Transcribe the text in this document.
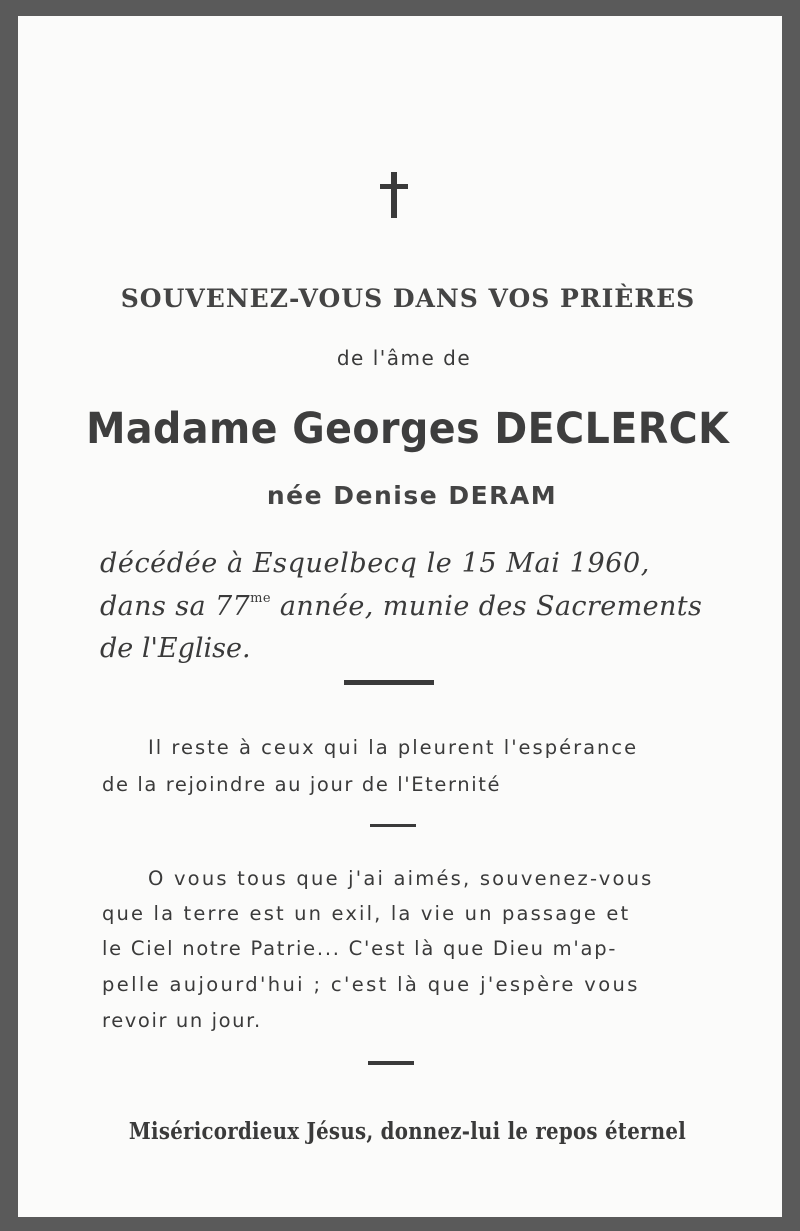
SOUVENEZ-VOUS DANS VOS PRIÈRES
de l'âme de
Madame Georges DECLERCK
née Denise DERAM
décédée à Esquelbecq le 15 Mai 1960,
dans sa $77^{me}$ année, munie des Sacrements
de l'Eglise.
Il reste à ceux qui la pleurent l'espérance
de la rejoindre au jour de l'Eternité
O vous tous que j'ai aimés, souvenez-vous
que la terre est un exil, la vie un passage et
le Ciel notre Patrie... C'est là que Dieu m'ap-
pelle aujourd'hui ; c'est là que j'espère vous
revoir un jour.
Miséricordieux Jésus, donnez-lui le repos éternel
